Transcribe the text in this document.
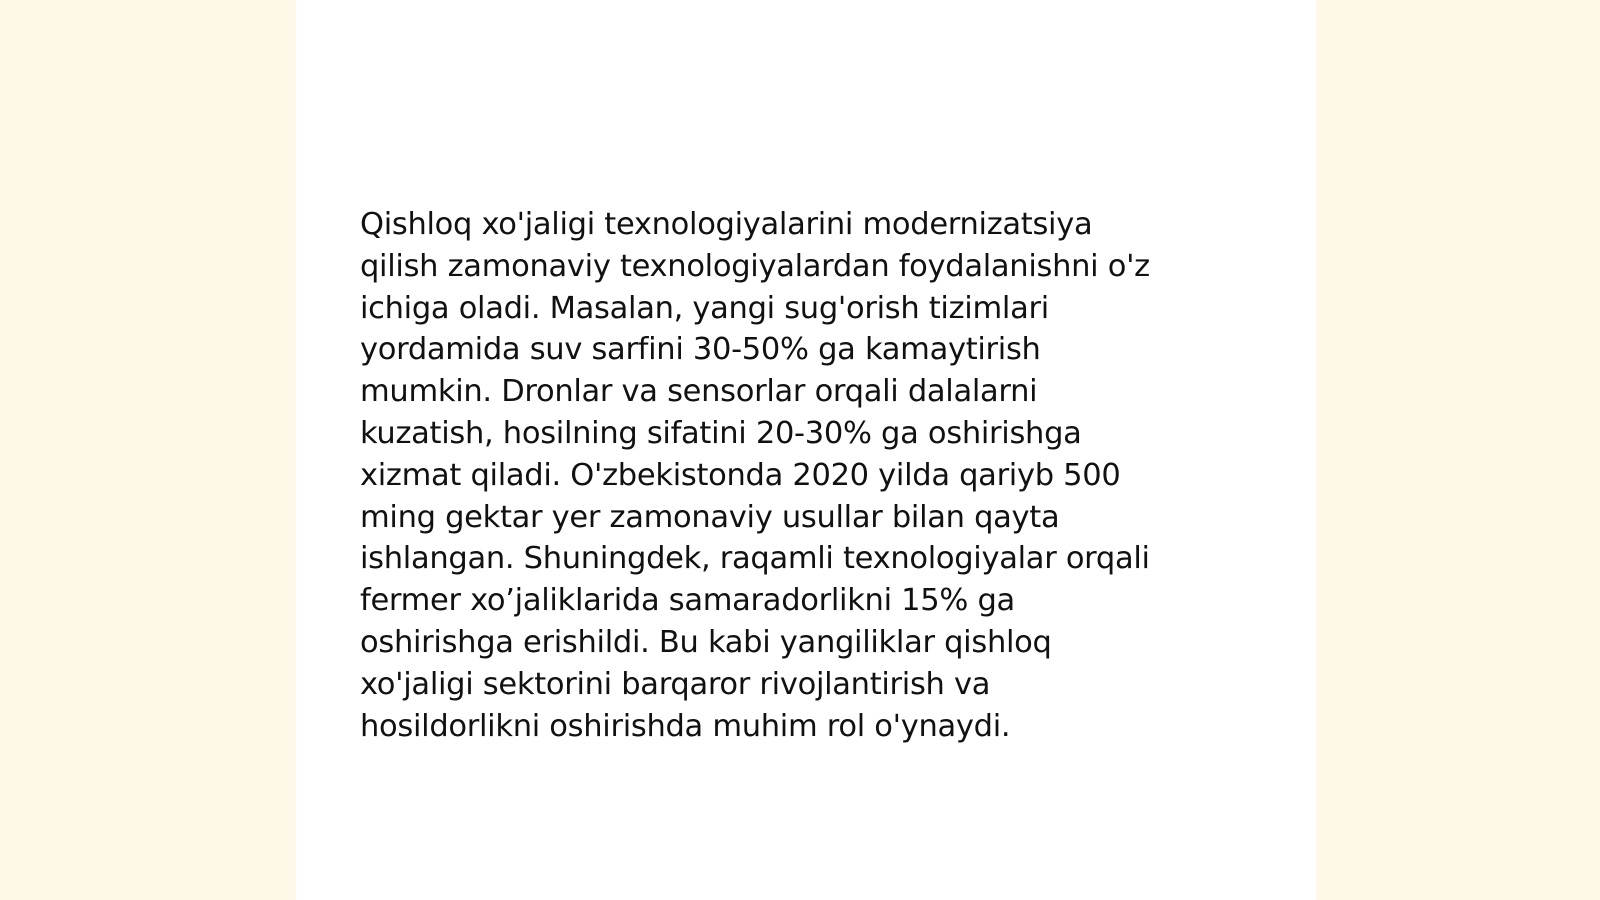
Qishloq xo'jaligi texnologiyalarini modernizatsiya
qilish zamonaviy texnologiyalardan foydalanishni o'z
ichiga oladi. Masalan, yangi sug'orish tizimlari
yordamida suv sarfini 30-50% ga kamaytirish
mumkin. Dronlar va sensorlar orqali dalalarni
kuzatish, hosilning sifatini 20-30% ga oshirishga
xizmat qiladi. O'zbekistonda 2020 yilda qariyb 500
ming gektar yer zamonaviy usullar bilan qayta
ishlangan. Shuningdek, raqamli texnologiyalar orqali
fermer xo’jaliklarida samaradorlikni 15% ga
oshirishga erishildi. Bu kabi yangiliklar qishloq
xo'jaligi sektorini barqaror rivojlantirish va
hosildorlikni oshirishda muhim rol o'ynaydi.
